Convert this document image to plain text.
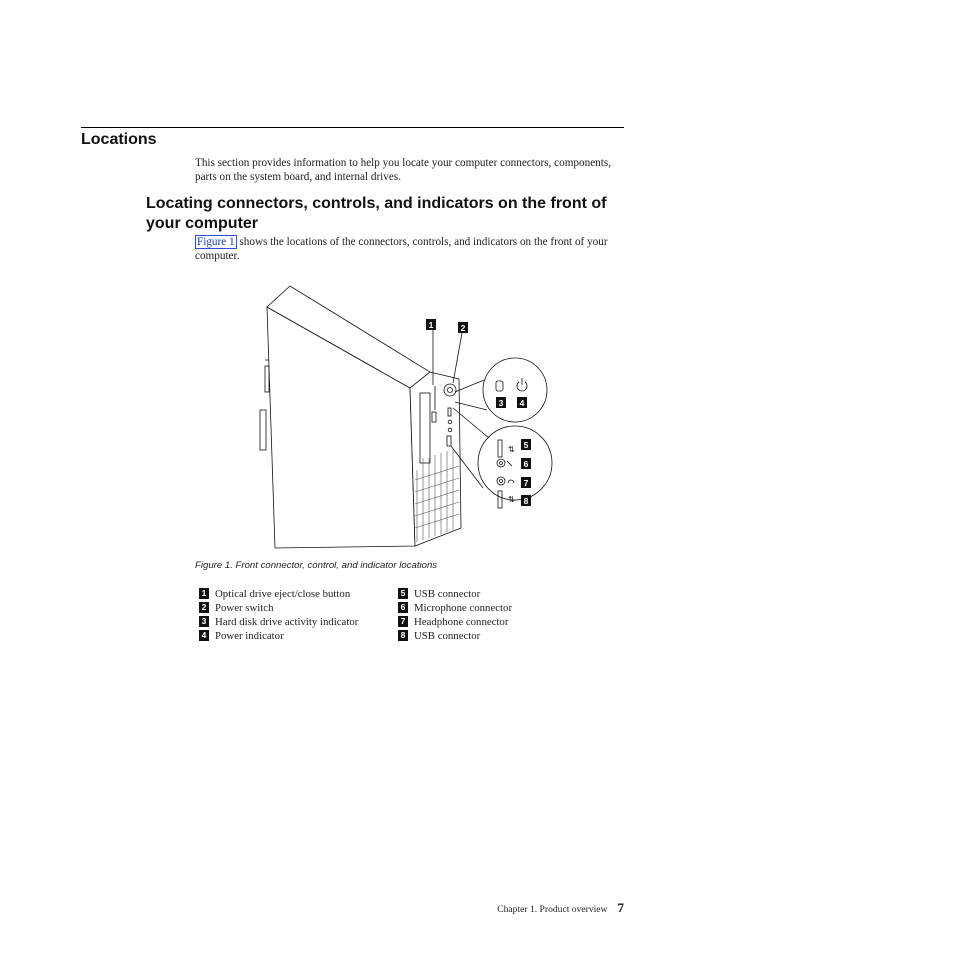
Locations

This section provides information to help you locate your computer connectors, components, parts on the system board, and internal drives.

Locating connectors, controls, and indicators on the front of your computer

Figure 1 shows the locations of the connectors, controls, and indicators on the front of your computer.

⇅
⇅
1	2
3 4
5
6
7
8

Figure 1. Front connector, control, and indicator locations

1 Optical drive eject/close button
2 Power switch
3 Hard disk drive activity indicator
4 Power indicator
5 USB connector
6 Microphone connector
7 Headphone connector
8 USB connector
Chapter 1. Product overview 7
